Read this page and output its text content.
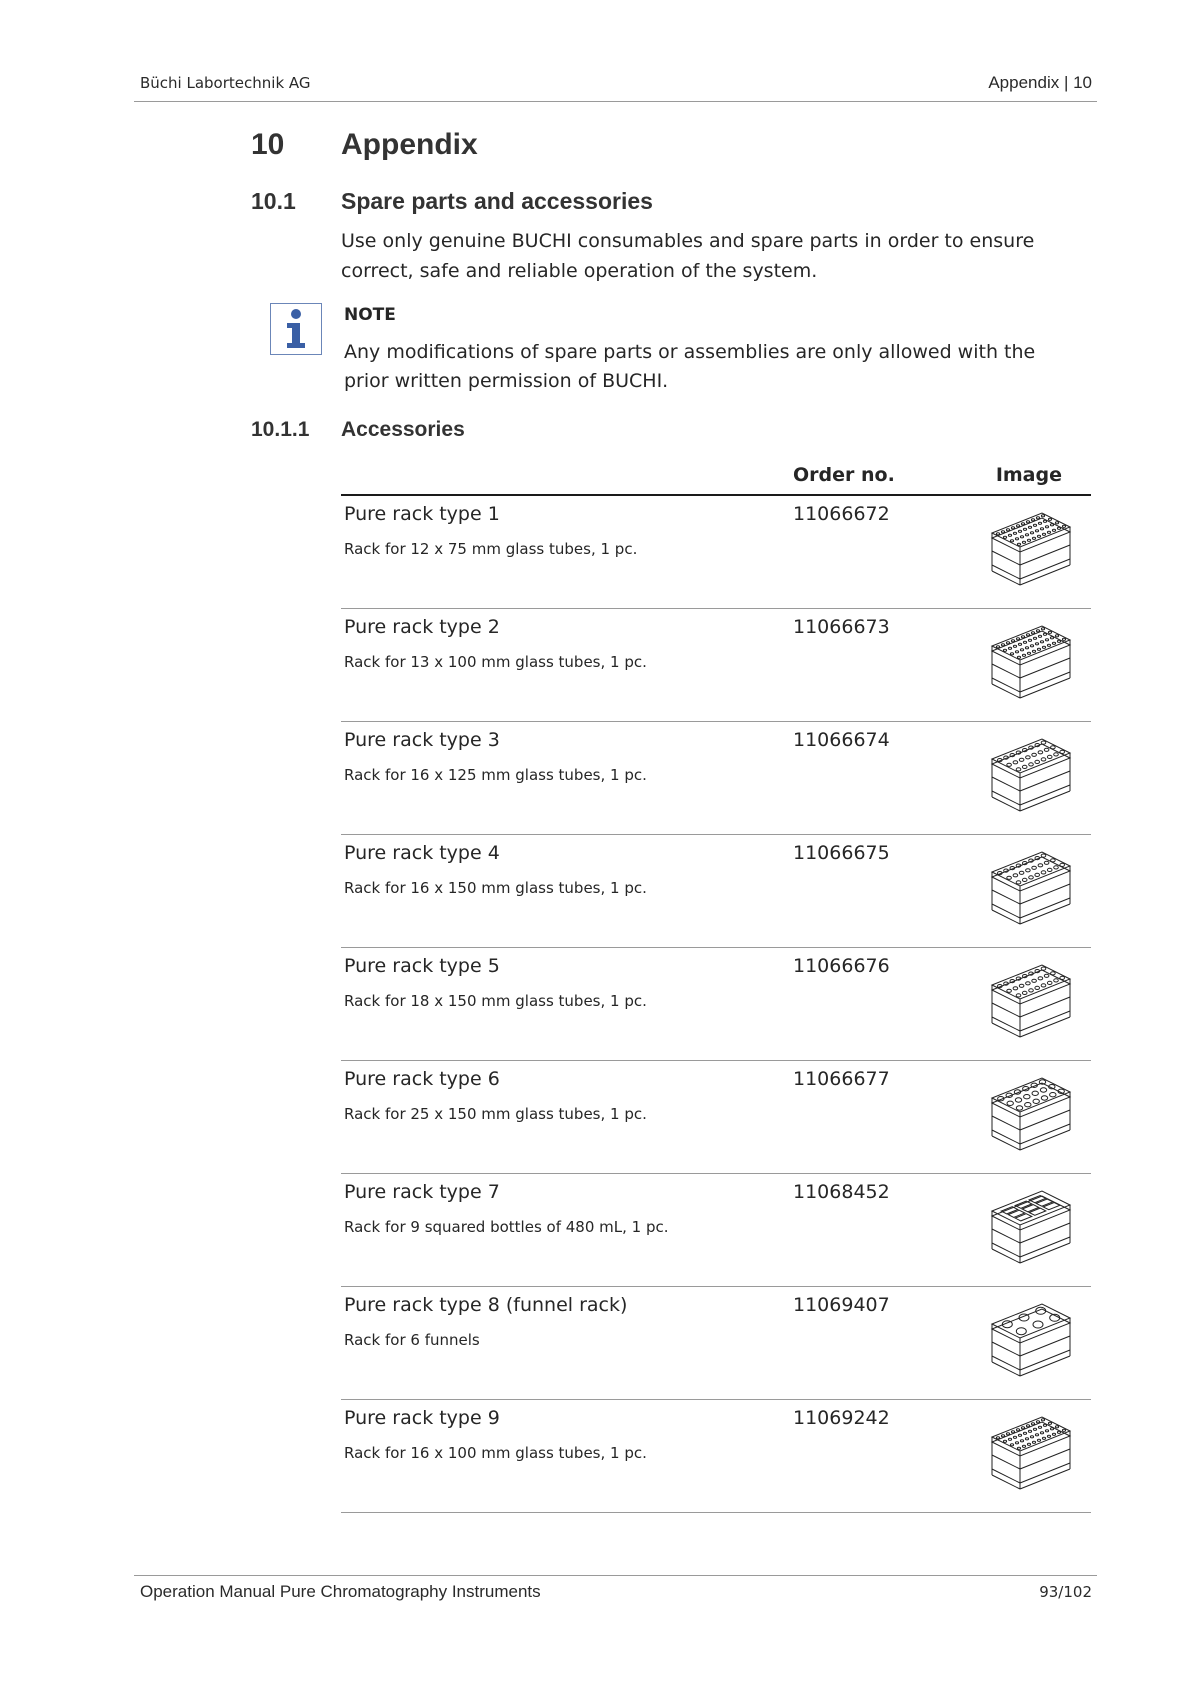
Büchi Labortechnik AG	Appendix | 10
10 Appendix
10.1 Spare parts and accessories
Use only genuine BUCHI consumables and spare parts in order to ensure correct, safe and reliable operation of the system.
NOTE
Any modifications of spare parts or assemblies are only allowed with the prior written permission of BUCHI.
10.1.1 Accessories
Order no.	Image
Pure rack type 1
Rack for 12 x 75 mm glass tubes, 1 pc.
11066672
Pure rack type 2
Rack for 13 x 100 mm glass tubes, 1 pc.
11066673
Pure rack type 3
Rack for 16 x 125 mm glass tubes, 1 pc.
11066674
Pure rack type 4
Rack for 16 x 150 mm glass tubes, 1 pc.
11066675
Pure rack type 5
Rack for 18 x 150 mm glass tubes, 1 pc.
11066676
Pure rack type 6
Rack for 25 x 150 mm glass tubes, 1 pc.
11066677
Pure rack type 7
Rack for 9 squared bottles of 480 mL, 1 pc.
11068452
Pure rack type 8 (funnel rack)
Rack for 6 funnels
11069407
Pure rack type 9
Rack for 16 x 100 mm glass tubes, 1 pc.
11069242
Operation Manual Pure Chromatography Instruments	93/102
